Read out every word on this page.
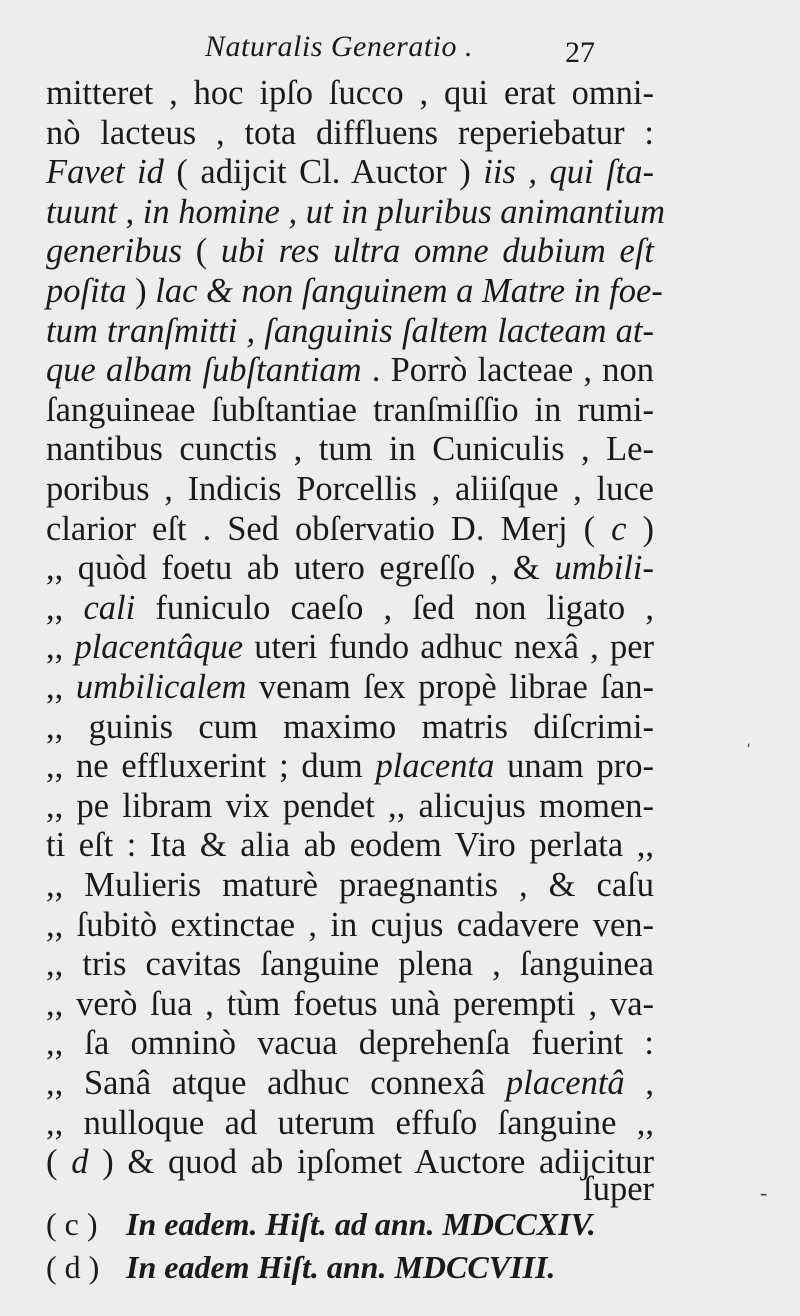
Naturalis Generatio .	27
mitteret , hoc ipſo ſucco , qui erat omni-
nò lacteus , tota diffluens reperiebatur :
Favet id ( adijcit Cl. Auctor ) iis , qui ſta-
tuunt , in homine , ut in pluribus animantium
generibus ( ubi res ultra omne dubium eſt
poſita ) lac & non ſanguinem a Matre in foe-
tum tranſmitti , ſanguinis ſaltem lacteam at-
que albam ſubſtantiam . Porrò lacteae , non
ſanguineae ſubſtantiae tranſmiſſio in rumi-
nantibus cunctis , tum in Cuniculis , Le-
poribus , Indicis Porcellis , aliiſque , luce
clarior eſt . Sed obſervatio D. Merj ( c )
,, quòd foetu ab utero egreſſo , & umbili-
,, cali funiculo caeſo , ſed non ligato ,
,, placentâque uteri fundo adhuc nexâ , per
,, umbilicalem venam ſex propè librae ſan-
,, guinis cum maximo matris diſcrimi-
,, ne effluxerint ; dum placenta unam pro-
,, pe libram vix pendet ,, alicujus momen-
ti eſt : Ita & alia ab eodem Viro perlata ,,
,, Mulieris maturè praegnantis , & caſu
,, ſubitò extinctae , in cujus cadavere ven-
,, tris cavitas ſanguine plena , ſanguinea
,, verò ſua , tùm foetus unà perempti , va-
,, ſa omninò vacua deprehenſa fuerint :
,, Sanâ atque adhuc connexâ placentâ ,
,, nulloque ad uterum effuſo ſanguine ,,
( d ) & quod ab ipſomet Auctore adijcitur
ſuper
( c ) In eadem. Hiſt. ad ann. MDCCXIV.
( d ) In eadem Hiſt. ann. MDCCVIII.
ˌ
-
